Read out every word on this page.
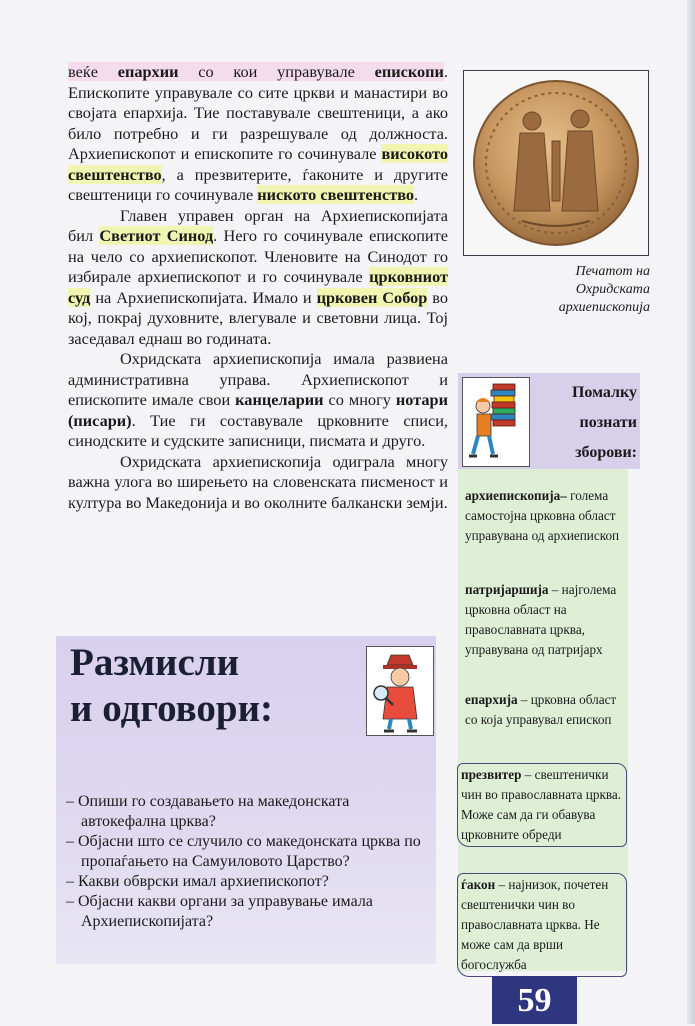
веќе епархии со кои управувале епископи. Епископите управувале со сите цркви и манастири во својата епархија. Тие поставувале свештеници, а ако било потребно и ги разрешувале од должноста. Архиепископот и епископите го сочинувале високото свештенство, а презвитерите, ѓаконите и другите свештеници го сочинувале ниското свештенство.

Главен управен орган на Архиепископијата бил Светиот Синод. Него го сочинувале епископите на чело со архиепископот. Членовите на Синодот го избирале архиепископот и го сочинувале црковниот суд на Архиепископијата. Имало и црковен Собор во кој, покрај духовните, влегувале и световни лица. Тој заседавал еднаш во годината.

Охридската архиепископија имала развиена административна управа. Архиепископот и епископите имале свои канцеларии со многу нотари (писари). Тие ги составувале црковните списи, синодските и судските записници, писмата и друго.

Охридската архиепископија одиграла многу важна улога во ширењето на словенската писменост и култура во Македонија и во околните балкански земји.

Печатот на
Охридската
архиепископија
Помалку
познати
зборови:
архиепископија– голема самостојна црковна област управувана од архиепископ
патријаршија – најголема црковна област на православната црква, управувана од патријарх
епархија – црковна област со која управувал епископ
презвитер – свештенички чин во православната црква. Може сам да ги обавува црковните обреди
ѓакон – најнизок, почетен свештенички чин во православната црква. Не може сам да врши богослужба
Размисли
и одговори:
– Опиши го создавањето на македонската автокефална црква?
– Објасни што се случило со македонската црква по пропаѓањето на Самуиловото Царство?
– Какви обврски имал архиепископот?
– Објасни какви органи за управување имала Архиепископијата?
59
